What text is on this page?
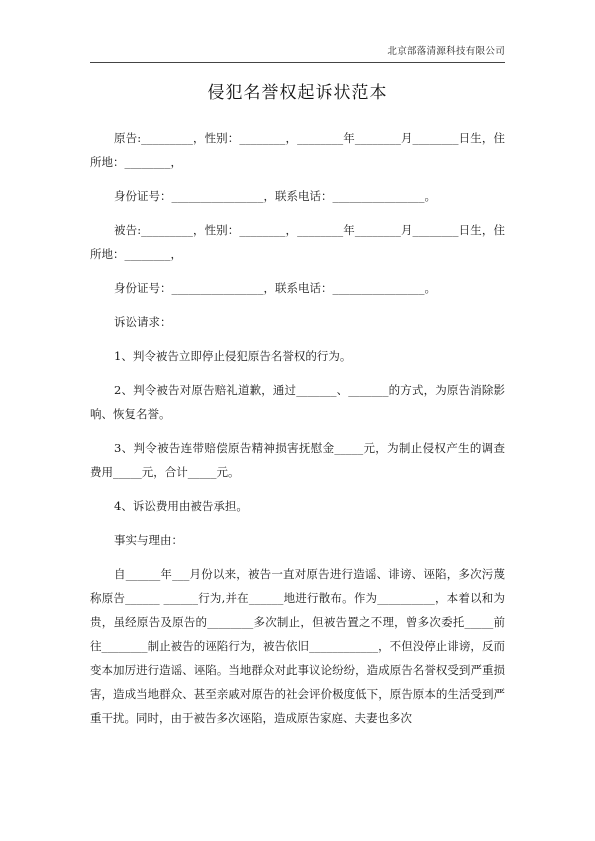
北京部落清源科技有限公司
侵犯名誉权起诉状范本

原告:_________，性别：________，________年________月________日生，住所地：________，

身份证号：________________，联系电话：________________。

被告:_________，性别：________，________年________月________日生，住所地：________，

身份证号：________________，联系电话：________________。

诉讼请求：

1、判令被告立即停止侵犯原告名誉权的行为。

2、判令被告对原告赔礼道歉，通过_______、_______的方式，为原告消除影响、恢复名誉。

3、判令被告连带赔偿原告精神损害抚慰金_____元，为制止侵权产生的调查费用_____元，合计_____元。

4、诉讼费用由被告承担。

事实与理由：

自______年___月份以来，被告一直对原告进行造谣、诽谤、诬陷，多次污蔑称原告______ ______行为,并在______地进行散布。作为__________，本着以和为贵，虽经原告及原告的________多次制止，但被告置之不理，曾多次委托_____前往________制止被告的诬陷行为，被告依旧____________，不但没停止诽谤，反而变本加厉进行造谣、诬陷。当地群众对此事议论纷纷，造成原告名誉权受到严重损害，造成当地群众、甚至亲戚对原告的社会评价极度低下，原告原本的生活受到严重干扰。同时，由于被告多次诬陷，造成原告家庭、夫妻也多次
